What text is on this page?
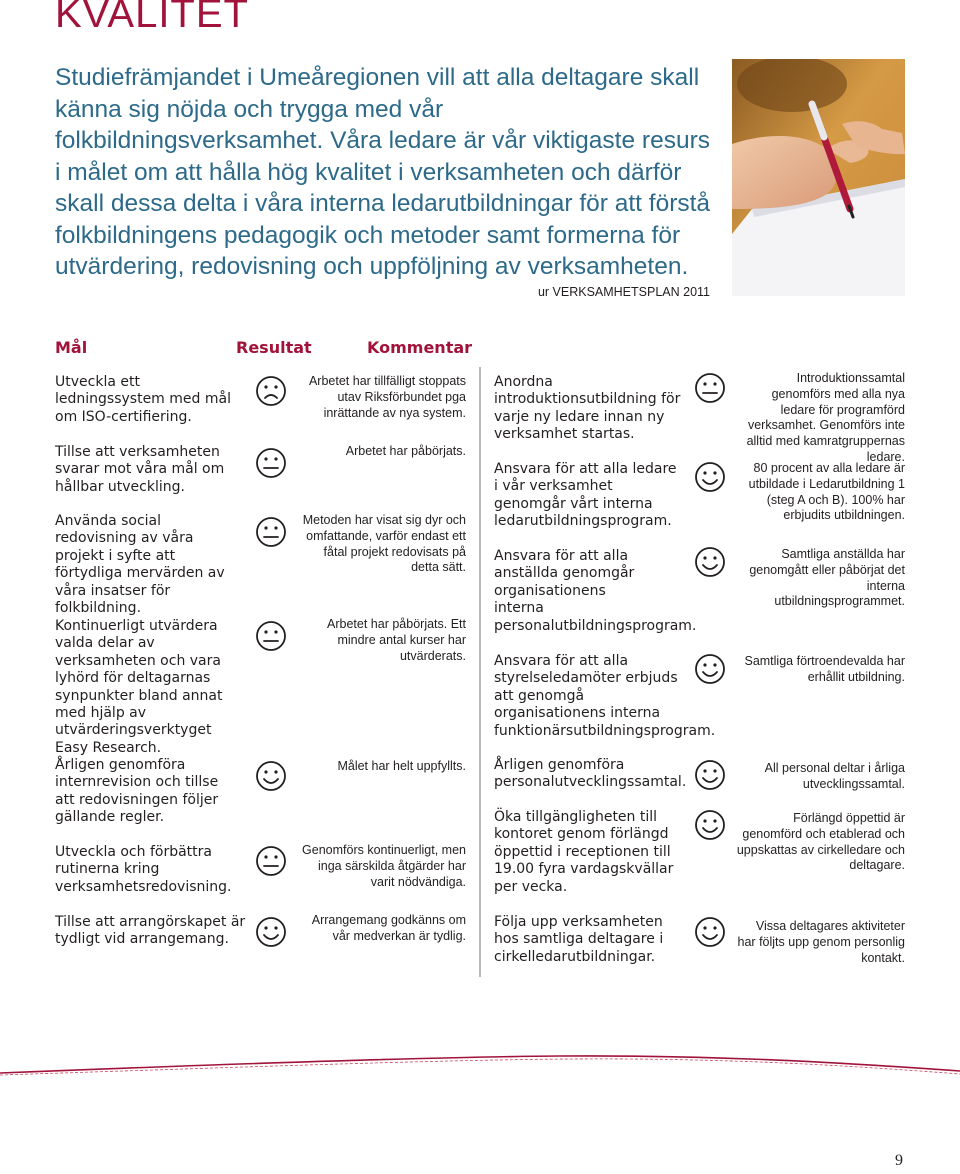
KVALITET

Studiefrämjandet i Umeåregionen vill att alla deltagare skall känna sig nöjda och trygga med vår folkbildningsverksamhet. Våra ledare är vår viktigaste resurs i målet om att hålla hög kvalitet i verksamheten och därför skall dessa delta i våra interna ledarutbildningar för att förstå folkbildningens pedagogik och metoder samt formerna för utvärdering, redovisning och uppföljning av verksamheten.

ur VERKSAMHETSPLAN 2011
Mål	Resultat	Kommentar

Utveckla ett ledningssystem med mål om ISO-certifiering.

Tillse att verksamheten svarar mot våra mål om hållbar utveckling.

Använda social redovisning av våra projekt i syfte att förtydliga mervärden av våra insatser för folkbildning.

Kontinuerligt utvärdera valda delar av verksamheten och vara lyhörd för deltagarnas synpunkter bland annat med hjälp av utvärderingsverktyget Easy Research.

Årligen genomföra internrevision och tillse att redovisningen följer gällande regler.

Utveckla och förbättra rutinerna kring verksamhetsredovisning.

Tillse att arrangörskapet är tydligt vid arrangemang.

Arbetet har tillfälligt stoppats utav Riksförbundet pga inrättande av nya system.

Arbetet har påbörjats.

Metoden har visat sig dyr och omfattande, varför endast ett fåtal projekt redovisats på detta sätt.

Arbetet har påbörjats. Ett mindre antal kurser har utvärderats.

Målet har helt uppfyllts.

Genomförs kontinuerligt, men inga särskilda åtgärder har varit nödvändiga.

Arrangemang godkänns om vår medverkan är tydlig.

Anordna introduktionsutbildning för varje ny ledare innan ny verksamhet startas.

Ansvara för att alla ledare i vår verksamhet genomgår vårt interna ledarutbildningsprogram.

Ansvara för att alla anställda genomgår organisationens interna personalutbildningsprogram.

Ansvara för att alla styrelseledamöter erbjuds att genomgå organisationens interna funktionärsutbildningsprogram.

Årligen genomföra personalutvecklingssamtal.

Öka tillgängligheten till kontoret genom förlängd öppettid i receptionen till 19.00 fyra vardagskvällar per vecka.

Följa upp verksamheten hos samtliga deltagare i cirkelledarutbildningar.

Introduktionssamtal genomförs med alla nya ledare för programförd verksamhet. Genomförs inte alltid med kamratgruppernas ledare.

80 procent av alla ledare är utbildade i Ledarutbildning 1 (steg A och B). 100% har erbjudits utbildningen.

Samtliga anställda har genomgått eller påbörjat det interna utbildningsprogrammet.

Samtliga förtroendevalda har erhållit utbildning.

All personal deltar i årliga utvecklingssamtal.

Förlängd öppettid är genomförd och etablerad och uppskattas av cirkelledare och deltagare.

Vissa deltagares aktiviteter har följts upp genom personlig kontakt.

9
